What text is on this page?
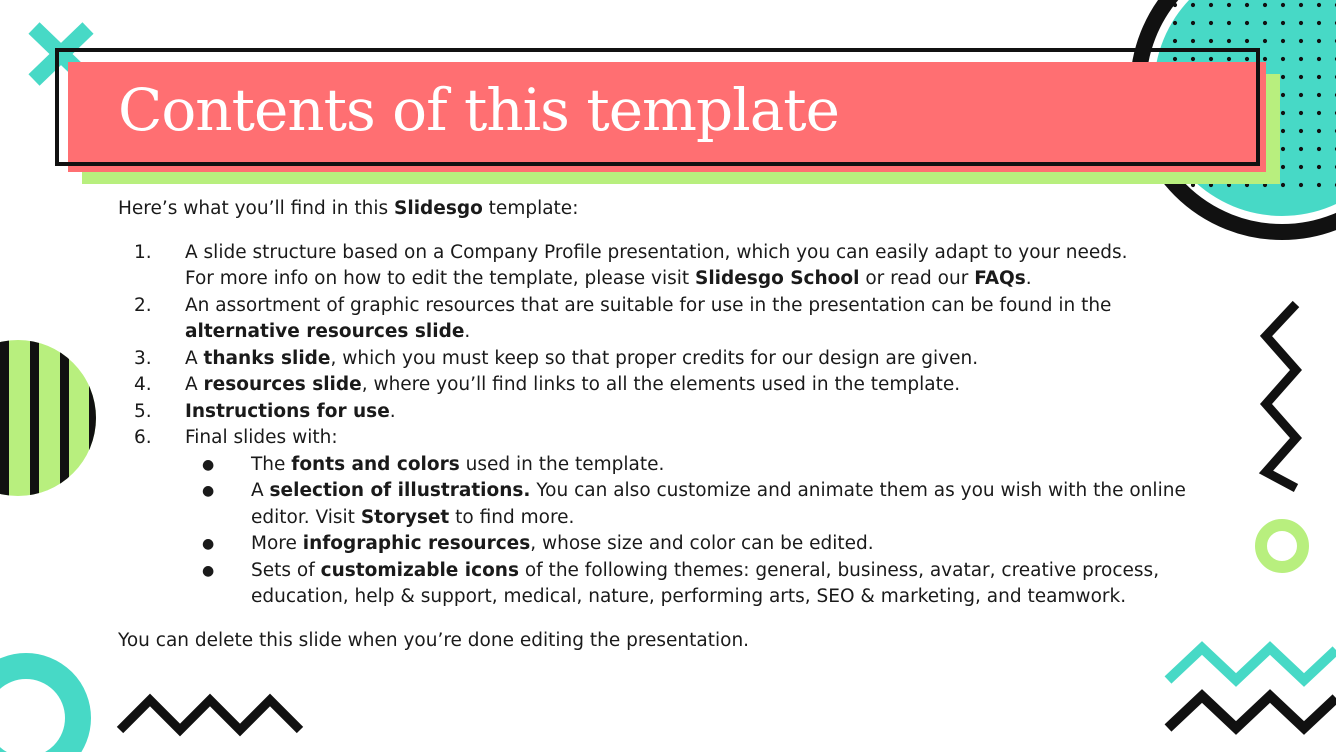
Contents of this template

Here’s what you’ll find in this Slidesgo template:

1. A slide structure based on a Company Profile presentation, which you can easily adapt to your needs.
For more info on how to edit the template, please visit Slidesgo School or read our FAQs.
2. An assortment of graphic resources that are suitable for use in the presentation can be found in the
alternative resources slide.
3. A thanks slide, which you must keep so that proper credits for our design are given.
4. A resources slide, where you’ll find links to all the elements used in the template.
5. Instructions for use.
6. Final slides with:
● The fonts and colors used in the template.
● A selection of illustrations. You can also customize and animate them as you wish with the online
editor. Visit Storyset to find more.
● More infographic resources, whose size and color can be edited.
● Sets of customizable icons of the following themes: general, business, avatar, creative process,
education, help & support, medical, nature, performing arts, SEO & marketing, and teamwork.

You can delete this slide when you’re done editing the presentation.
